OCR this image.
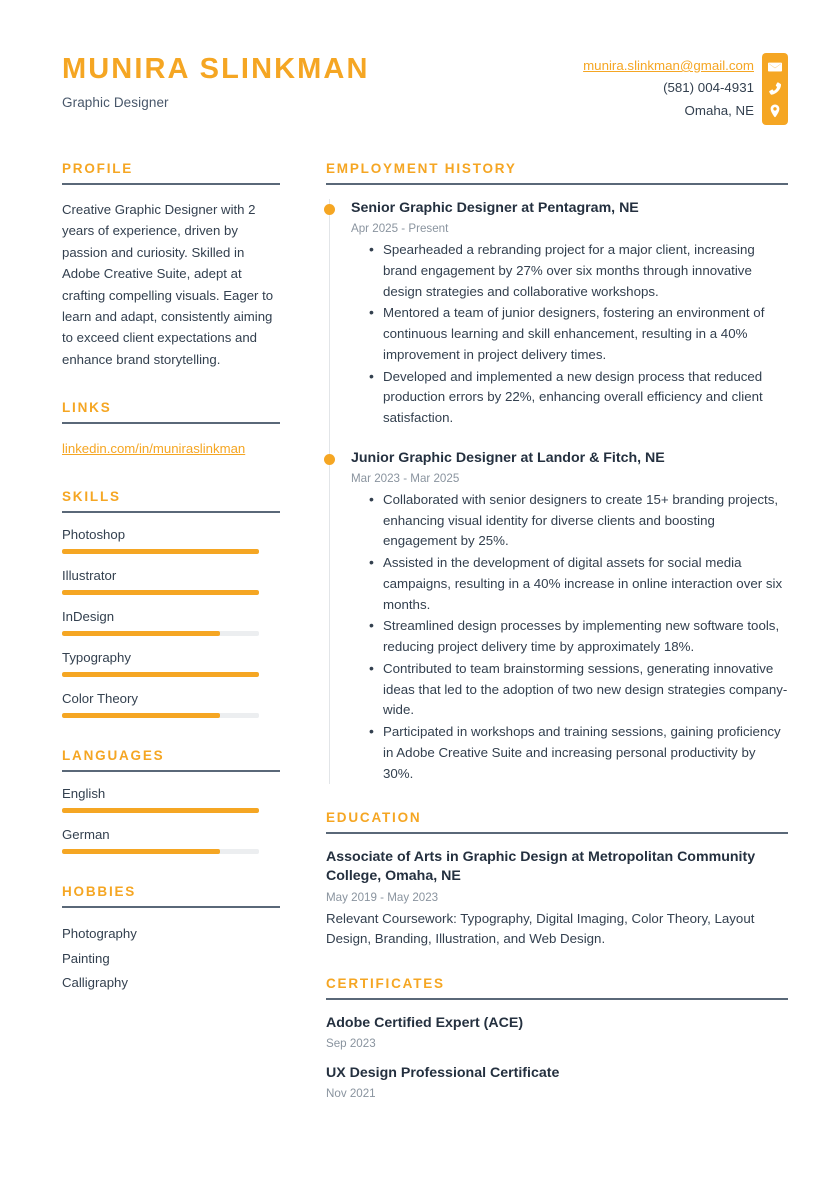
MUNIRA SLINKMAN
Graphic Designer
munira.slinkman@gmail.com
(581) 004-4931
Omaha, NE
PROFILE
Creative Graphic Designer with 2 years of experience, driven by passion and curiosity. Skilled in Adobe Creative Suite, adept at crafting compelling visuals. Eager to learn and adapt, consistently aiming to exceed client expectations and enhance brand storytelling.
LINKS
linkedin.com/in/muniraslinkman
SKILLS
Photoshop
Illustrator
InDesign
Typography
Color Theory
LANGUAGES
English
German
HOBBIES
Photography
Painting
Calligraphy
EMPLOYMENT HISTORY
Senior Graphic Designer at Pentagram, NE
Apr 2025 - Present
• Spearheaded a rebranding project for a major client, increasing brand engagement by 27% over six months through innovative design strategies and collaborative workshops.
• Mentored a team of junior designers, fostering an environment of continuous learning and skill enhancement, resulting in a 40% improvement in project delivery times.
• Developed and implemented a new design process that reduced production errors by 22%, enhancing overall efficiency and client satisfaction.
Junior Graphic Designer at Landor & Fitch, NE
Mar 2023 - Mar 2025
• Collaborated with senior designers to create 15+ branding projects, enhancing visual identity for diverse clients and boosting engagement by 25%.
• Assisted in the development of digital assets for social media campaigns, resulting in a 40% increase in online interaction over six months.
• Streamlined design processes by implementing new software tools, reducing project delivery time by approximately 18%.
• Contributed to team brainstorming sessions, generating innovative ideas that led to the adoption of two new design strategies company-wide.
• Participated in workshops and training sessions, gaining proficiency in Adobe Creative Suite and increasing personal productivity by 30%.
EDUCATION
Associate of Arts in Graphic Design at Metropolitan Community College, Omaha, NE
May 2019 - May 2023
Relevant Coursework: Typography, Digital Imaging, Color Theory, Layout Design, Branding, Illustration, and Web Design.
CERTIFICATES
Adobe Certified Expert (ACE)
Sep 2023
UX Design Professional Certificate
Nov 2021
